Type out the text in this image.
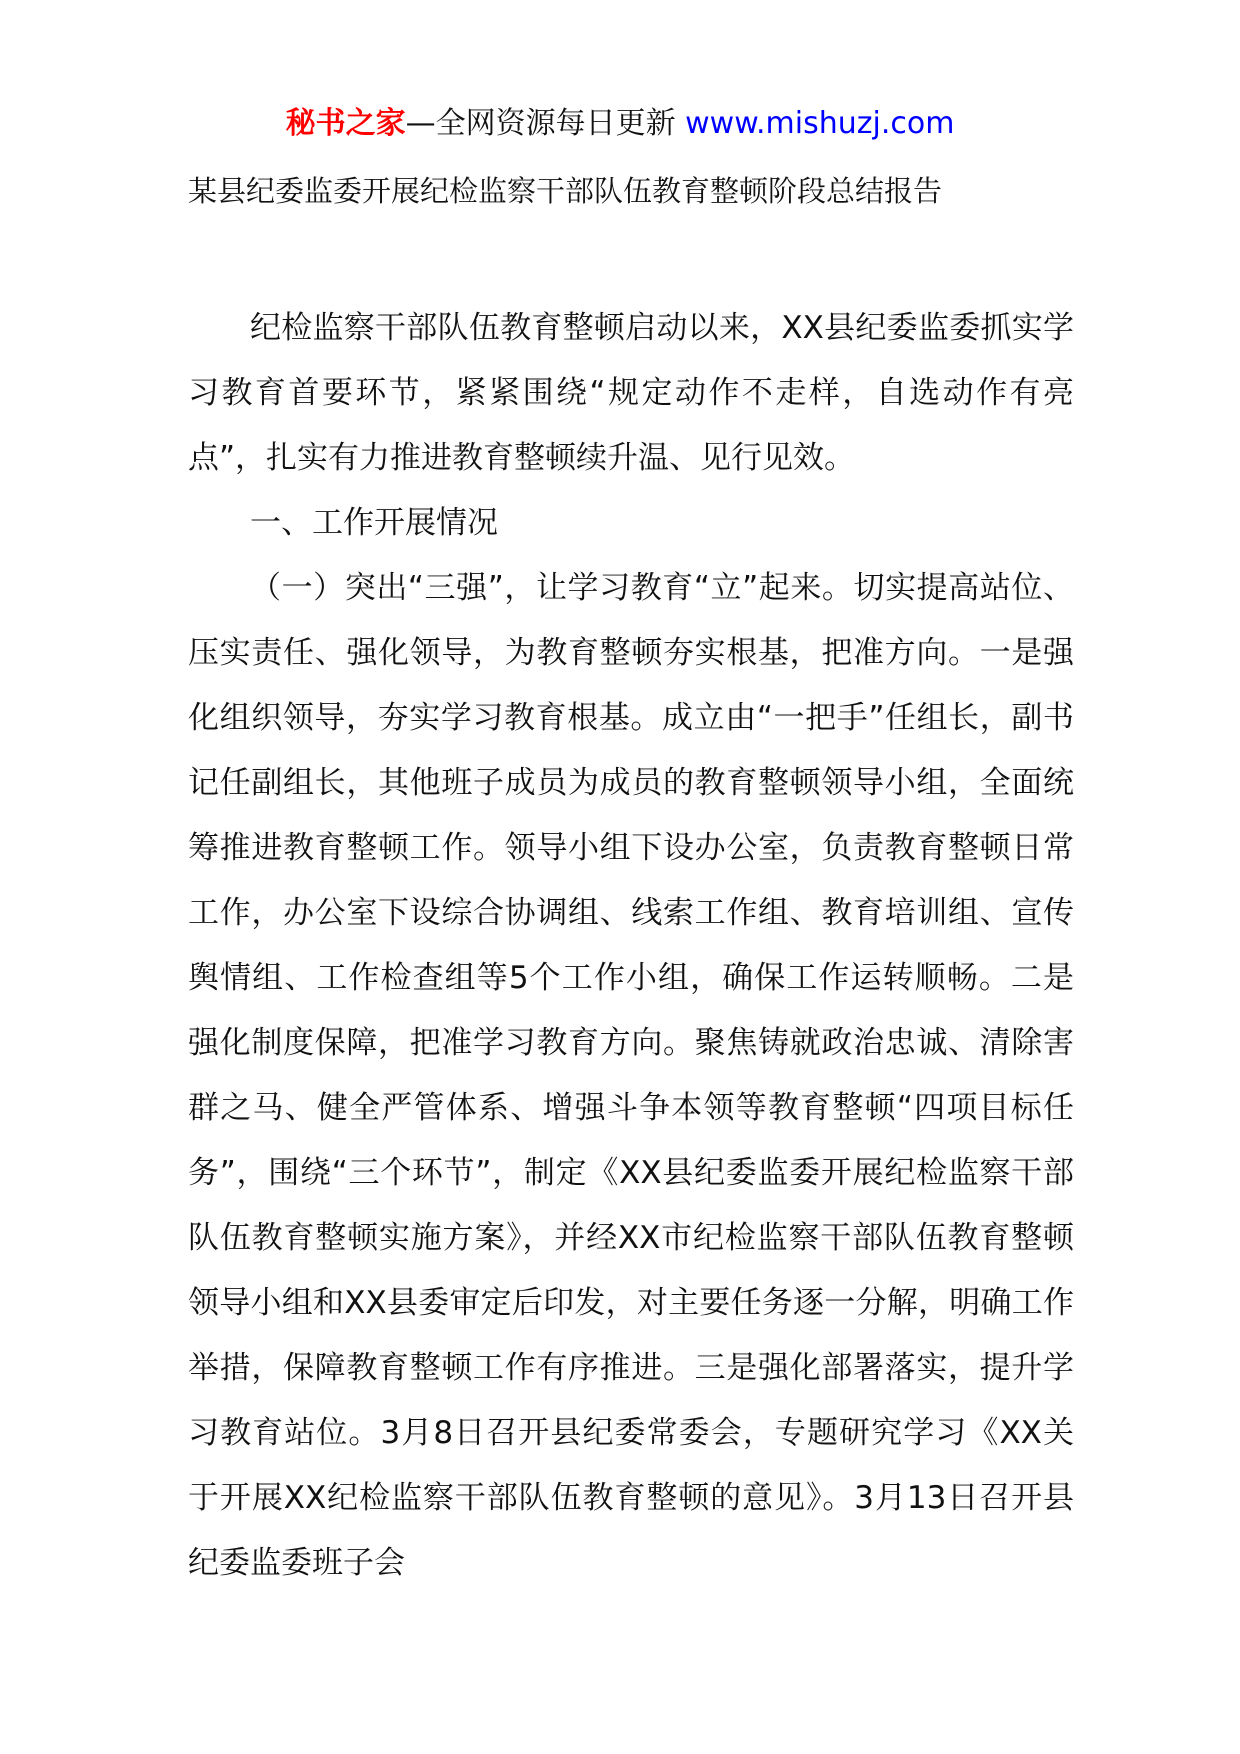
秘书之家—全网资源每日更新 www.mishuzj.com
某县纪委监委开展纪检监察干部队伍教育整顿阶段总结报告

纪检监察干部队伍教育整顿启动以来，XX县纪委监委抓实学习教育首要环节，紧紧围绕“规定动作不走样，自选动作有亮点”，扎实有力推进教育整顿续升温、见行见效。

一、工作开展情况

（一）突出“三强”，让学习教育“立”起来。切实提高站位、压实责任、强化领导，为教育整顿夯实根基，把准方向。一是强化组织领导，夯实学习教育根基。成立由“一把手”任组长，副书记任副组长，其他班子成员为成员的教育整顿领导小组，全面统筹推进教育整顿工作。领导小组下设办公室，负责教育整顿日常工作，办公室下设综合协调组、线索工作组、教育培训组、宣传舆情组、工作检查组等5个工作小组，确保工作运转顺畅。二是强化制度保障，把准学习教育方向。聚焦铸就政治忠诚、清除害群之马、健全严管体系、增强斗争本领等教育整顿“四项目标任务”，围绕“三个环节”，制定《XX县纪委监委开展纪检监察干部队伍教育整顿实施方案》，并经XX市纪检监察干部队伍教育整顿领导小组和XX县委审定后印发，对主要任务逐一分解，明确工作举措，保障教育整顿工作有序推进。三是强化部署落实，提升学习教育站位。3月8日召开县纪委常委会，专题研究学习《XX关于开展XX纪检监察干部队伍教育整顿的意见》。3月13日召开县纪委监委班子会
